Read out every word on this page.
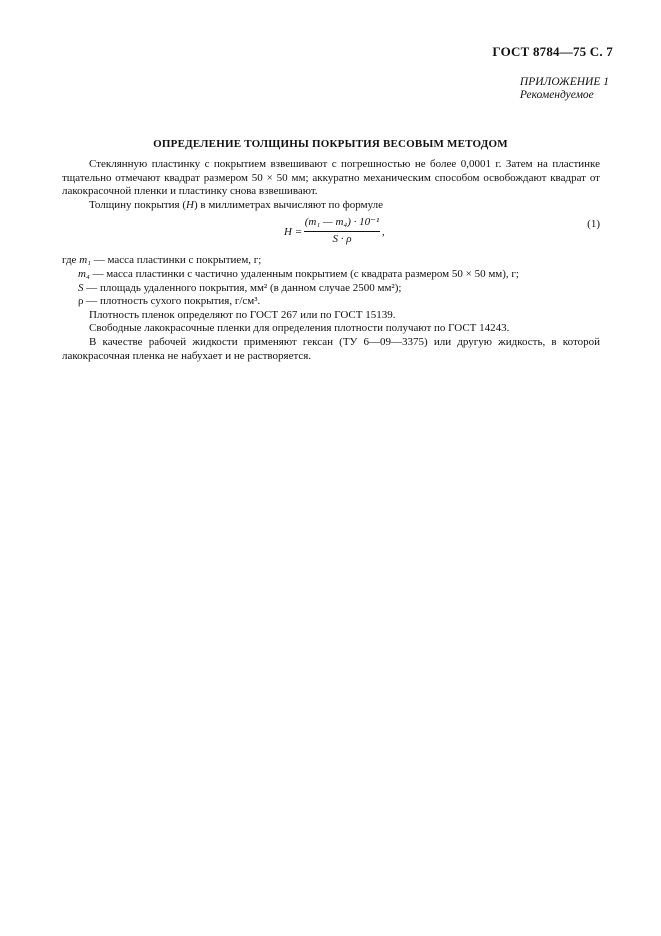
ГОСТ 8784—75 С. 7
ПРИЛОЖЕНИЕ 1
Рекомендуемое
ОПРЕДЕЛЕНИЕ ТОЛЩИНЫ ПОКРЫТИЯ ВЕСОВЫМ МЕТОДОМ

Стеклянную пластинку с покрытием взвешивают с погрешностью не более 0,0001 г. Затем на пластинке тщательно отмечают квадрат размером 50 × 50 мм; аккуратно механическим способом освобождают квадрат от лакокрасочной пленки и пластинку снова взвешивают.

Толщину покрытия (H) в миллиметрах вычисляют по формуле

$H = \frac{\text{(m₁ — m₄) · 10⁻¹}}{S \cdot \rho}$ ,
(1)

где m₁ — масса пластинки с покрытием, г;

m₄ — масса пластинки с частично удаленным покрытием (с квадрата размером 50 × 50 мм), г;

S — площадь удаленного покрытия, мм² (в данном случае 2500 мм²);

ρ — плотность сухого покрытия, г/см³.

Плотность пленок определяют по ГОСТ 267 или по ГОСТ 15139.

Свободные лакокрасочные пленки для определения плотности получают по ГОСТ 14243.

В качестве рабочей жидкости применяют гексан (ТУ 6—09—3375) или другую жидкость, в которой лакокрасочная пленка не набухает и не растворяется.
